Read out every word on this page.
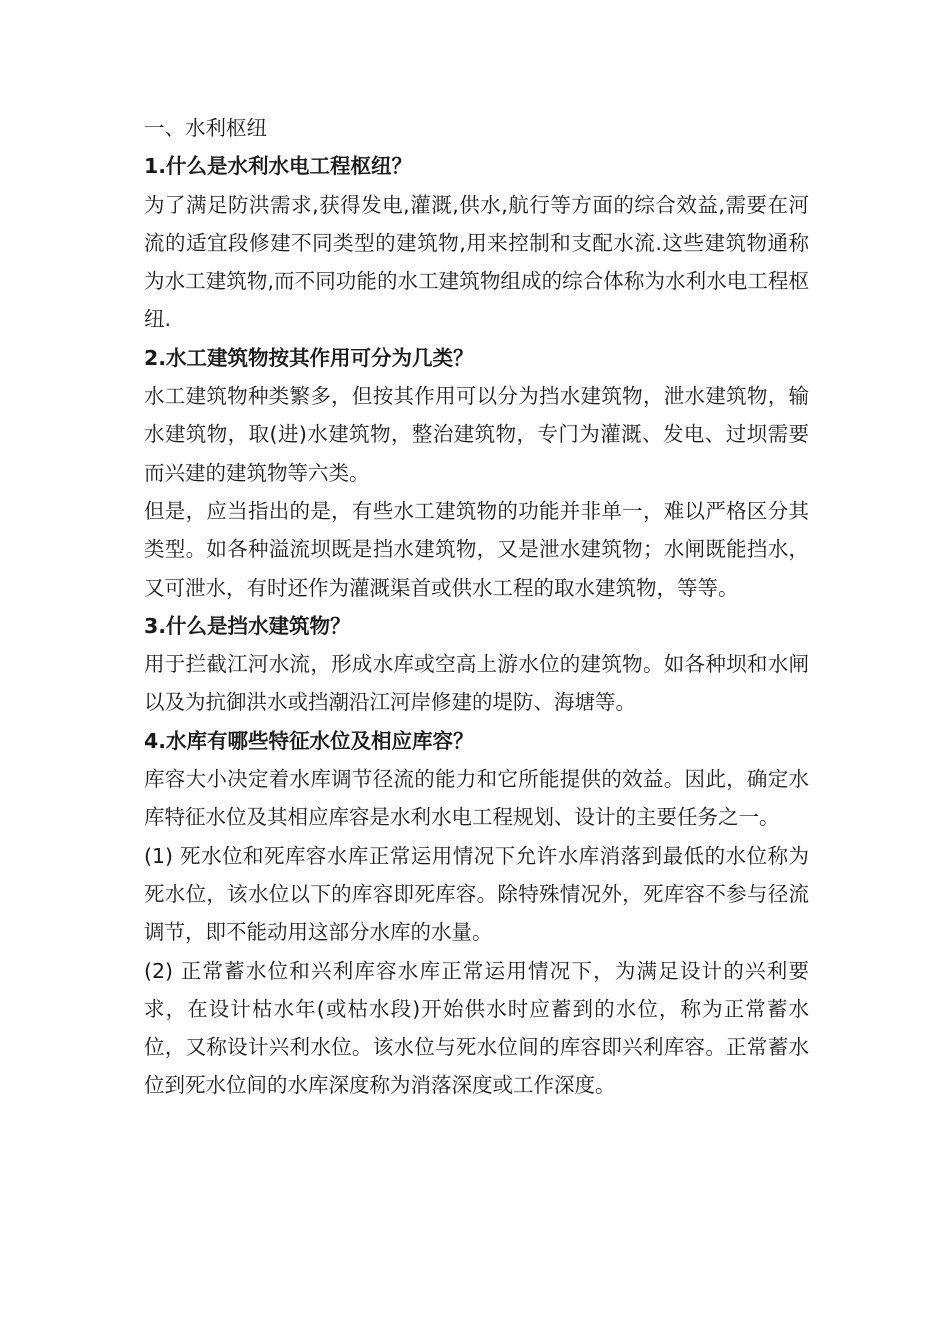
一、水利枢纽

1.什么是水利水电工程枢纽？

为了满足防洪需求,获得发电,灌溉,供水,航行等方面的综合效益,需要在河流的适宜段修建不同类型的建筑物,用来控制和支配水流.这些建筑物通称为水工建筑物,而不同功能的水工建筑物组成的综合体称为水利水电工程枢纽.

2.水工建筑物按其作用可分为几类？

水工建筑物种类繁多，但按其作用可以分为挡水建筑物，泄水建筑物，输水建筑物，取(进)水建筑物，整治建筑物，专门为灌溉、发电、过坝需要而兴建的建筑物等六类。

但是，应当指出的是，有些水工建筑物的功能并非单一，难以严格区分其类型。如各种溢流坝既是挡水建筑物，又是泄水建筑物；水闸既能挡水，又可泄水，有时还作为灌溉渠首或供水工程的取水建筑物，等等。

3.什么是挡水建筑物？

用于拦截江河水流，形成水库或空高上游水位的建筑物。如各种坝和水闸以及为抗御洪水或挡潮沿江河岸修建的堤防、海塘等。

4.水库有哪些特征水位及相应库容？

库容大小决定着水库调节径流的能力和它所能提供的效益。因此，确定水库特征水位及其相应库容是水利水电工程规划、设计的主要任务之一。

(1) 死水位和死库容水库正常运用情况下允许水库消落到最低的水位称为死水位，该水位以下的库容即死库容。除特殊情况外，死库容不参与径流调节，即不能动用这部分水库的水量。

(2) 正常蓄水位和兴利库容水库正常运用情况下，为满足设计的兴利要求，在设计枯水年(或枯水段)开始供水时应蓄到的水位，称为正常蓄水位，又称设计兴利水位。该水位与死水位间的库容即兴利库容。正常蓄水位到死水位间的水库深度称为消落深度或工作深度。
